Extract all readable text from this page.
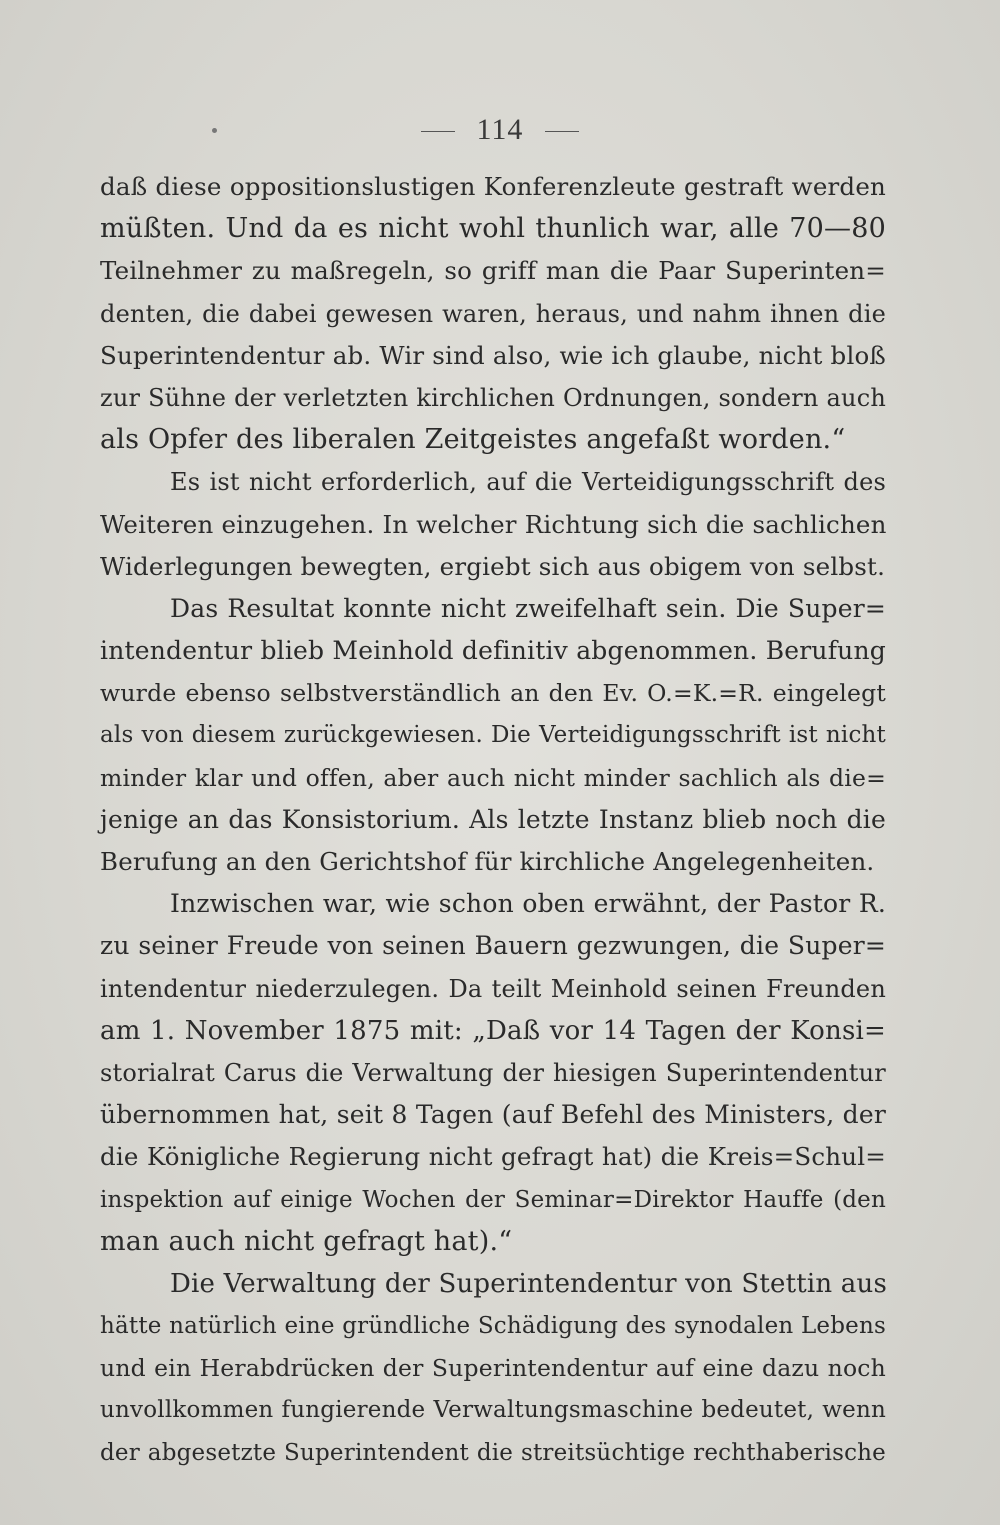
114
daß diese oppositionslustigen Konferenzleute gestraft werden
müßten. Und da es nicht wohl thunlich war, alle 70—80
Teilnehmer zu maßregeln, so griff man die Paar Superinten=
denten, die dabei gewesen waren, heraus, und nahm ihnen die
Superintendentur ab. Wir sind also, wie ich glaube, nicht bloß
zur Sühne der verletzten kirchlichen Ordnungen, sondern auch
als Opfer des liberalen Zeitgeistes angefaßt worden.“
Es ist nicht erforderlich, auf die Verteidigungsschrift des
Weiteren einzugehen. In welcher Richtung sich die sachlichen
Widerlegungen bewegten, ergiebt sich aus obigem von selbst.
Das Resultat konnte nicht zweifelhaft sein. Die Super=
intendentur blieb Meinhold definitiv abgenommen. Berufung
wurde ebenso selbstverständlich an den Ev. O.=K.=R. eingelegt
als von diesem zurückgewiesen. Die Verteidigungsschrift ist nicht
minder klar und offen, aber auch nicht minder sachlich als die=
jenige an das Konsistorium. Als letzte Instanz blieb noch die
Berufung an den Gerichtshof für kirchliche Angelegenheiten.
Inzwischen war, wie schon oben erwähnt, der Pastor R.
zu seiner Freude von seinen Bauern gezwungen, die Super=
intendentur niederzulegen. Da teilt Meinhold seinen Freunden
am 1. November 1875 mit: „Daß vor 14 Tagen der Konsi=
storialrat Carus die Verwaltung der hiesigen Superintendentur
übernommen hat, seit 8 Tagen (auf Befehl des Ministers, der
die Königliche Regierung nicht gefragt hat) die Kreis=Schul=
inspektion auf einige Wochen der Seminar=Direktor Hauffe (den
man auch nicht gefragt hat).“
Die Verwaltung der Superintendentur von Stettin aus
hätte natürlich eine gründliche Schädigung des synodalen Lebens
und ein Herabdrücken der Superintendentur auf eine dazu noch
unvollkommen fungierende Verwaltungsmaschine bedeutet, wenn
der abgesetzte Superintendent die streitsüchtige rechthaberische
